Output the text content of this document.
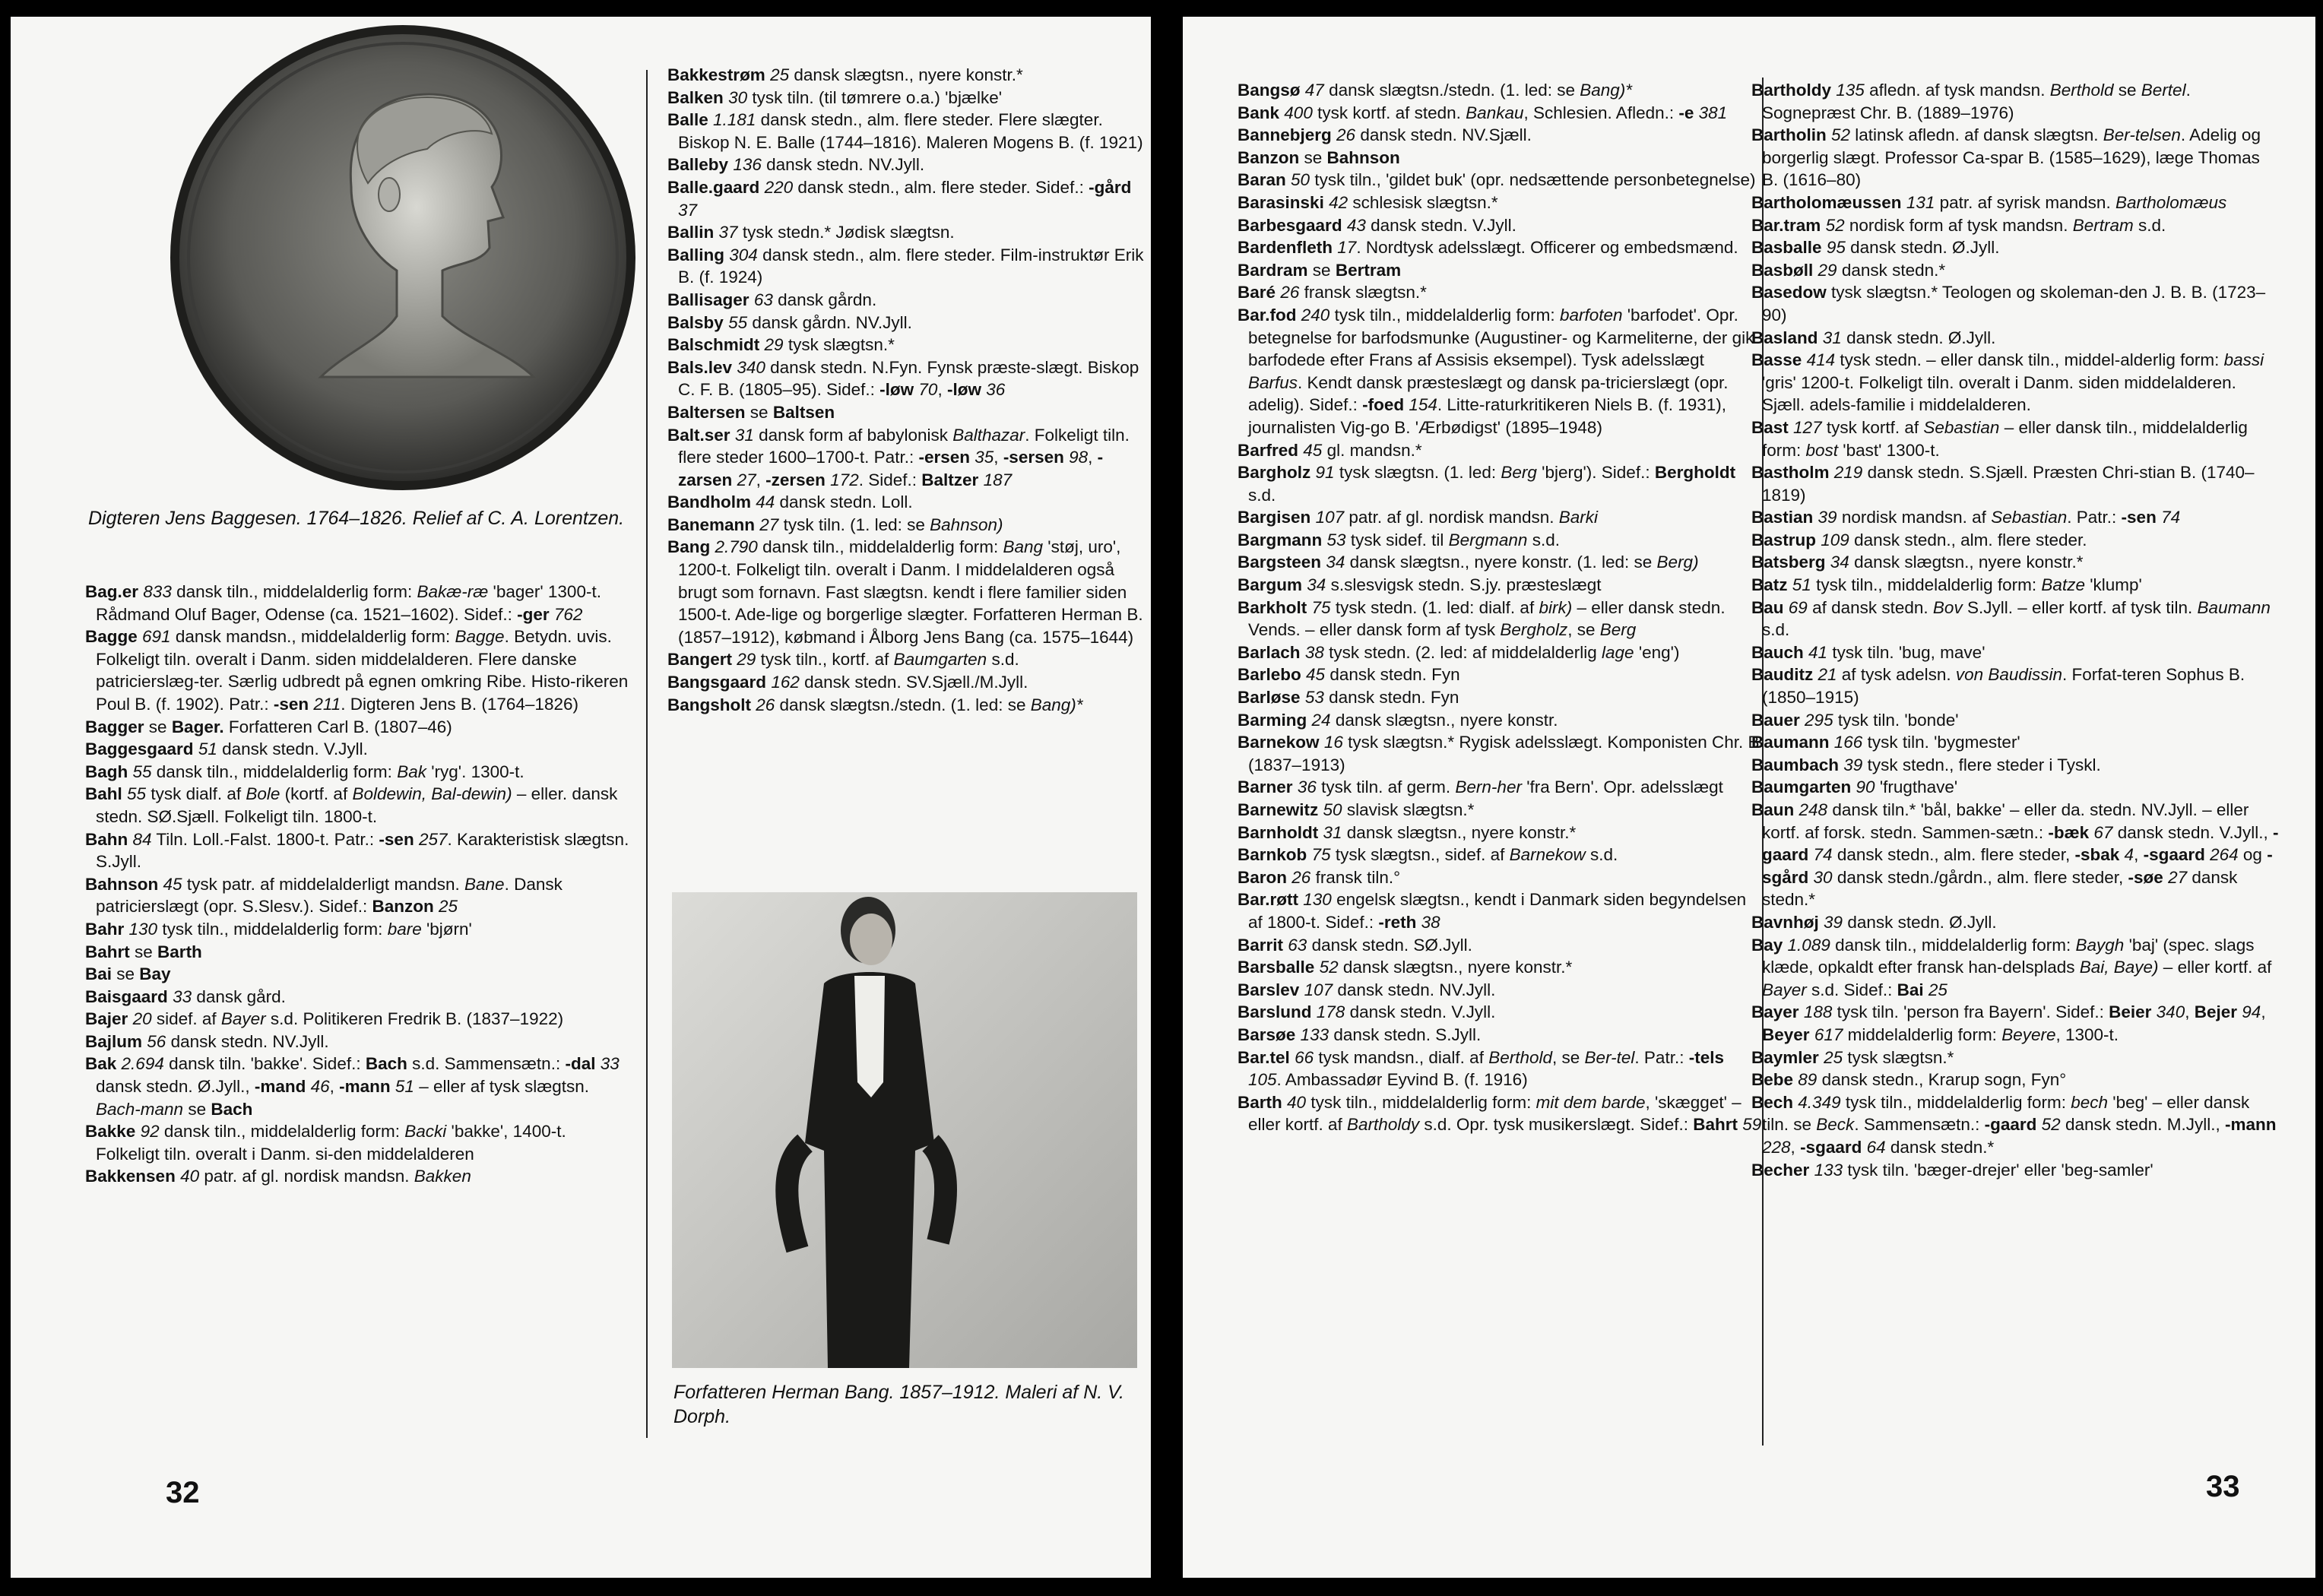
Digteren Jens Baggesen. 1764–1826. Relief af C. A. Lorentzen.

Bag.er 833 dansk tiln., middelalderlig form: Bakæ-ræ 'bager' 1300-t. Rådmand Oluf Bager, Odense (ca. 1521–1602). Sidef.: -ger 762

Bagge 691 dansk mandsn., middelalderlig form: Bagge. Betydn. uvis. Folkeligt tiln. overalt i Danm. siden middelalderen. Flere danske patricierslæg-ter. Særlig udbredt på egnen omkring Ribe. Histo-rikeren Poul B. (f. 1902). Patr.: -sen 211. Digteren Jens B. (1764–1826)

Bagger se Bager. Forfatteren Carl B. (1807–46)

Baggesgaard 51 dansk stedn. V.Jyll.

Bagh 55 dansk tiln., middelalderlig form: Bak 'ryg'. 1300-t.

Bahl 55 tysk dialf. af Bole (kortf. af Boldewin, Bal-dewin) – eller. dansk stedn. SØ.Sjæll. Folkeligt tiln. 1800-t.

Bahn 84 Tiln. Loll.-Falst. 1800-t. Patr.: -sen 257. Karakteristisk slægtsn. S.Jyll.

Bahnson 45 tysk patr. af middelalderligt mandsn. Bane. Dansk patricierslægt (opr. S.Slesv.). Sidef.: Banzon 25

Bahr 130 tysk tiln., middelalderlig form: bare 'bjørn'

Bahrt se Barth

Bai se Bay

Baisgaard 33 dansk gård.

Bajer 20 sidef. af Bayer s.d. Politikeren Fredrik B. (1837–1922)

Bajlum 56 dansk stedn. NV.Jyll.

Bak 2.694 dansk tiln. 'bakke'. Sidef.: Bach s.d. Sammensætn.: -dal 33 dansk stedn. Ø.Jyll., -mand 46, -mann 51 – eller af tysk slægtsn. Bach-mann se Bach

Bakke 92 dansk tiln., middelalderlig form: Backi 'bakke', 1400-t. Folkeligt tiln. overalt i Danm. si-den middelalderen

Bakkensen 40 patr. af gl. nordisk mandsn. Bakken

Bakkestrøm 25 dansk slægtsn., nyere konstr.*

Balken 30 tysk tiln. (til tømrere o.a.) 'bjælke'

Balle 1.181 dansk stedn., alm. flere steder. Flere slægter. Biskop N. E. Balle (1744–1816). Maleren Mogens B. (f. 1921)

Balleby 136 dansk stedn. NV.Jyll.

Balle.gaard 220 dansk stedn., alm. flere steder. Sidef.: -gård 37

Ballin 37 tysk stedn.* Jødisk slægtsn.

Balling 304 dansk stedn., alm. flere steder. Film-instruktør Erik B. (f. 1924)

Ballisager 63 dansk gårdn.

Balsby 55 dansk gårdn. NV.Jyll.

Balschmidt 29 tysk slægtsn.*

Bals.lev 340 dansk stedn. N.Fyn. Fynsk præste-slægt. Biskop C. F. B. (1805–95). Sidef.: -løw 70, -løw 36

Baltersen se Baltsen

Balt.ser 31 dansk form af babylonisk Balthazar. Folkeligt tiln. flere steder 1600–1700-t. Patr.: -ersen 35, -sersen 98, -zarsen 27, -zersen 172. Sidef.: Baltzer 187

Bandholm 44 dansk stedn. Loll.

Banemann 27 tysk tiln. (1. led: se Bahnson)

Bang 2.790 dansk tiln., middelalderlig form: Bang 'støj, uro', 1200-t. Folkeligt tiln. overalt i Danm. I middelalderen også brugt som fornavn. Fast slægtsn. kendt i flere familier siden 1500-t. Ade-lige og borgerlige slægter. Forfatteren Herman B. (1857–1912), købmand i Ålborg Jens Bang (ca. 1575–1644)

Bangert 29 tysk tiln., kortf. af Baumgarten s.d.

Bangsgaard 162 dansk stedn. SV.Sjæll./M.Jyll.

Bangsholt 26 dansk slægtsn./stedn. (1. led: se Bang)*

Forfatteren Herman Bang. 1857–1912. Maleri af N. V. Dorph.
32

Bangsø 47 dansk slægtsn./stedn. (1. led: se Bang)*

Bank 400 tysk kortf. af stedn. Bankau, Schlesien. Afledn.: -e 381

Bannebjerg 26 dansk stedn. NV.Sjæll.

Banzon se Bahnson

Baran 50 tysk tiln., 'gildet buk' (opr. nedsættende personbetegnelse)

Barasinski 42 schlesisk slægtsn.*

Barbesgaard 43 dansk stedn. V.Jyll.

Bardenfleth 17. Nordtysk adelsslægt. Officerer og embedsmænd.

Bardram se Bertram

Baré 26 fransk slægtsn.*

Bar.fod 240 tysk tiln., middelalderlig form: barfoten 'barfodet'. Opr. betegnelse for barfodsmunke (Augustiner- og Karmeliterne, der gik barfodede efter Frans af Assisis eksempel). Tysk adelsslægt Barfus. Kendt dansk præsteslægt og dansk pa-tricierslægt (opr. adelig). Sidef.: -foed 154. Litte-raturkritikeren Niels B. (f. 1931), journalisten Vig-go B. 'Ærbødigst' (1895–1948)

Barfred 45 gl. mandsn.*

Bargholz 91 tysk slægtsn. (1. led: Berg 'bjerg'). Sidef.: Bergholdt s.d.

Bargisen 107 patr. af gl. nordisk mandsn. Barki

Bargmann 53 tysk sidef. til Bergmann s.d.

Bargsteen 34 dansk slægtsn., nyere konstr. (1. led: se Berg)

Bargum 34 s.slesvigsk stedn. S.jy. præsteslægt

Barkholt 75 tysk stedn. (1. led: dialf. af birk) – eller dansk stedn. Vends. – eller dansk form af tysk Bergholz, se Berg

Barlach 38 tysk stedn. (2. led: af middelalderlig lage 'eng')

Barlebo 45 dansk stedn. Fyn

Barløse 53 dansk stedn. Fyn

Barming 24 dansk slægtsn., nyere konstr.

Barnekow 16 tysk slægtsn.* Rygisk adelsslægt. Komponisten Chr. B (1837–1913)

Barner 36 tysk tiln. af germ. Bern-her 'fra Bern'. Opr. adelsslægt

Barnewitz 50 slavisk slægtsn.*

Barnholdt 31 dansk slægtsn., nyere konstr.*

Barnkob 75 tysk slægtsn., sidef. af Barnekow s.d.

Baron 26 fransk tiln.°

Bar.røtt 130 engelsk slægtsn., kendt i Danmark siden begyndelsen af 1800-t. Sidef.: -reth 38

Barrit 63 dansk stedn. SØ.Jyll.

Barsballe 52 dansk slægtsn., nyere konstr.*

Barslev 107 dansk stedn. NV.Jyll.

Barslund 178 dansk stedn. V.Jyll.

Barsøe 133 dansk stedn. S.Jyll.

Bar.tel 66 tysk mandsn., dialf. af Berthold, se Ber-tel. Patr.: -tels 105. Ambassadør Eyvind B. (f. 1916)

Barth 40 tysk tiln., middelalderlig form: mit dem barde, 'skægget' – eller kortf. af Bartholdy s.d. Opr. tysk musikerslægt. Sidef.: Bahrt 59

Bartholdy 135 afledn. af tysk mandsn. Berthold se Bertel. Sognepræst Chr. B. (1889–1976)

Bartholin 52 latinsk afledn. af dansk slægtsn. Ber-telsen. Adelig og borgerlig slægt. Professor Ca-spar B. (1585–1629), læge Thomas B. (1616–80)

Bartholomæussen 131 patr. af syrisk mandsn. Bartholomæus

Bar.tram 52 nordisk form af tysk mandsn. Bertram s.d.

Basballe 95 dansk stedn. Ø.Jyll.

Basbøll 29 dansk stedn.*

Basedow tysk slægtsn.* Teologen og skoleman-den J. B. B. (1723–90)

Basland 31 dansk stedn. Ø.Jyll.

Basse 414 tysk stedn. – eller dansk tiln., middel-alderlig form: bassi 'gris' 1200-t. Folkeligt tiln. overalt i Danm. siden middelalderen. Sjæll. adels-familie i middelalderen.

Bast 127 tysk kortf. af Sebastian – eller dansk tiln., middelalderlig form: bost 'bast' 1300-t.

Bastholm 219 dansk stedn. S.Sjæll. Præsten Chri-stian B. (1740–1819)

Bastian 39 nordisk mandsn. af Sebastian. Patr.: -sen 74

Bastrup 109 dansk stedn., alm. flere steder.

Batsberg 34 dansk slægtsn., nyere konstr.*

Batz 51 tysk tiln., middelalderlig form: Batze 'klump'

Bau 69 af dansk stedn. Bov S.Jyll. – eller kortf. af tysk tiln. Baumann s.d.

Bauch 41 tysk tiln. 'bug, mave'

Bauditz 21 af tysk adelsn. von Baudissin. Forfat-teren Sophus B. (1850–1915)

Bauer 295 tysk tiln. 'bonde'

Baumann 166 tysk tiln. 'bygmester'

Baumbach 39 tysk stedn., flere steder i Tyskl.

Baumgarten 90 'frugthave'

Baun 248 dansk tiln.* 'bål, bakke' – eller da. stedn. NV.Jyll. – eller kortf. af forsk. stedn. Sammen-sætn.: -bæk 67 dansk stedn. V.Jyll., -gaard 74 dansk stedn., alm. flere steder, -sbak 4, -sgaard 264 og -sgård 30 dansk stedn./gårdn., alm. flere steder, -søe 27 dansk stedn.*

Bavnhøj 39 dansk stedn. Ø.Jyll.

Bay 1.089 dansk tiln., middelalderlig form: Baygh 'baj' (spec. slags klæde, opkaldt efter fransk han-delsplads Bai, Baye) – eller kortf. af Bayer s.d. Sidef.: Bai 25

Bayer 188 tysk tiln. 'person fra Bayern'. Sidef.: Beier 340, Bejer 94, Beyer 617 middelalderlig form: Beyere, 1300-t.

Baymler 25 tysk slægtsn.*

Bebe 89 dansk stedn., Krarup sogn, Fyn°

Bech 4.349 tysk tiln., middelalderlig form: bech 'beg' – eller dansk tiln. se Beck. Sammensætn.: -gaard 52 dansk stedn. M.Jyll., -mann 228, -sgaard 64 dansk stedn.*

Becher 133 tysk tiln. 'bæger-drejer' eller 'beg-samler'

33
